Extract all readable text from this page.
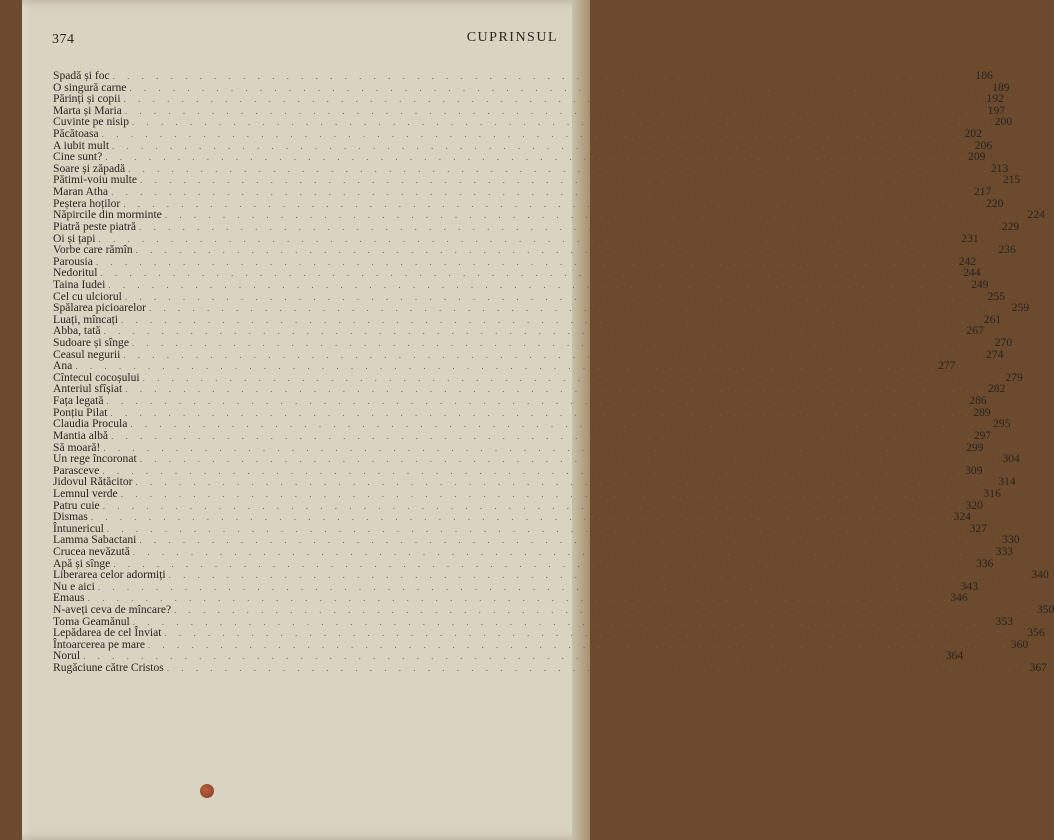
374	CUPRINSUL
Spadă și foc . . . . . . . . . . . . . . . . . . . . . . . . . . . . . . . . . . . . . . . . . . . . . . . . . . . . . . . . . . . . 186
O singură carne . . . . . . . . . . . . . . . . . . . . . . . . . . . . . . . . . . . . . . . . . . . . . . . . . . . . . . . . . . . . 189
Părinți și copii . . . . . . . . . . . . . . . . . . . . . . . . . . . . . . . . . . . . . . . . . . . . . . . . . . . . . . . . . . . . 192
Marta și Maria . . . . . . . . . . . . . . . . . . . . . . . . . . . . . . . . . . . . . . . . . . . . . . . . . . . . . . . . . . . . 197
Cuvinte pe nisip . . . . . . . . . . . . . . . . . . . . . . . . . . . . . . . . . . . . . . . . . . . . . . . . . . . . . . . . . . . . 200
Păcătoasa . . . . . . . . . . . . . . . . . . . . . . . . . . . . . . . . . . . . . . . . . . . . . . . . . . . . . . . . . . . . 202
A iubit mult . . . . . . . . . . . . . . . . . . . . . . . . . . . . . . . . . . . . . . . . . . . . . . . . . . . . . . . . . . . . 206
Cine sunt? . . . . . . . . . . . . . . . . . . . . . . . . . . . . . . . . . . . . . . . . . . . . . . . . . . . . . . . . . . . . 209
Soare și zăpadă . . . . . . . . . . . . . . . . . . . . . . . . . . . . . . . . . . . . . . . . . . . . . . . . . . . . . . . . . . . . 213
Pătimi-voiu multe . . . . . . . . . . . . . . . . . . . . . . . . . . . . . . . . . . . . . . . . . . . . . . . . . . . . . . . . . . . . 215
Maran Atha . . . . . . . . . . . . . . . . . . . . . . . . . . . . . . . . . . . . . . . . . . . . . . . . . . . . . . . . . . . . 217
Peștera hoților . . . . . . . . . . . . . . . . . . . . . . . . . . . . . . . . . . . . . . . . . . . . . . . . . . . . . . . . . . . . 220
Năpircile din morminte . . . . . . . . . . . . . . . . . . . . . . . . . . . . . . . . . . . . . . . . . . . . . . . . . . . . . . . . . . . . 224
Piatră peste piatră . . . . . . . . . . . . . . . . . . . . . . . . . . . . . . . . . . . . . . . . . . . . . . . . . . . . . . . . . . . . 229
Oi și țapi . . . . . . . . . . . . . . . . . . . . . . . . . . . . . . . . . . . . . . . . . . . . . . . . . . . . . . . . . . . . 231
Vorbe care rămîn . . . . . . . . . . . . . . . . . . . . . . . . . . . . . . . . . . . . . . . . . . . . . . . . . . . . . . . . . . . . 236
Parousia . . . . . . . . . . . . . . . . . . . . . . . . . . . . . . . . . . . . . . . . . . . . . . . . . . . . . . . . . . . . 242
Nedoritul . . . . . . . . . . . . . . . . . . . . . . . . . . . . . . . . . . . . . . . . . . . . . . . . . . . . . . . . . . . . 244
Taina Iudei . . . . . . . . . . . . . . . . . . . . . . . . . . . . . . . . . . . . . . . . . . . . . . . . . . . . . . . . . . . . 249
Cel cu ulciorul . . . . . . . . . . . . . . . . . . . . . . . . . . . . . . . . . . . . . . . . . . . . . . . . . . . . . . . . . . . . 255
Spălarea picioarelor . . . . . . . . . . . . . . . . . . . . . . . . . . . . . . . . . . . . . . . . . . . . . . . . . . . . . . . . . . . . 259
Luați, mîncați . . . . . . . . . . . . . . . . . . . . . . . . . . . . . . . . . . . . . . . . . . . . . . . . . . . . . . . . . . . . 261
Abba, tată . . . . . . . . . . . . . . . . . . . . . . . . . . . . . . . . . . . . . . . . . . . . . . . . . . . . . . . . . . . . 267
Sudoare și sînge . . . . . . . . . . . . . . . . . . . . . . . . . . . . . . . . . . . . . . . . . . . . . . . . . . . . . . . . . . . . 270
Ceasul negurii . . . . . . . . . . . . . . . . . . . . . . . . . . . . . . . . . . . . . . . . . . . . . . . . . . . . . . . . . . . . 274
Ana . . . . . . . . . . . . . . . . . . . . . . . . . . . . . . . . . . . . . . . . . . . . . . . . . . . . . . . . . . . . 277
Cîntecul cocoșului . . . . . . . . . . . . . . . . . . . . . . . . . . . . . . . . . . . . . . . . . . . . . . . . . . . . . . . . . . . . 279
Anteriul sfîșiat . . . . . . . . . . . . . . . . . . . . . . . . . . . . . . . . . . . . . . . . . . . . . . . . . . . . . . . . . . . . 282
Fața legată . . . . . . . . . . . . . . . . . . . . . . . . . . . . . . . . . . . . . . . . . . . . . . . . . . . . . . . . . . . . 286
Ponțiu Pilat . . . . . . . . . . . . . . . . . . . . . . . . . . . . . . . . . . . . . . . . . . . . . . . . . . . . . . . . . . . . 289
Claudia Procula . . . . . . . . . . . . . . . . . . . . . . . . . . . . . . . . . . . . . . . . . . . . . . . . . . . . . . . . . . . . 295
Mantia albă . . . . . . . . . . . . . . . . . . . . . . . . . . . . . . . . . . . . . . . . . . . . . . . . . . . . . . . . . . . . 297
Să moară! . . . . . . . . . . . . . . . . . . . . . . . . . . . . . . . . . . . . . . . . . . . . . . . . . . . . . . . . . . . . 299
Un rege încoronat . . . . . . . . . . . . . . . . . . . . . . . . . . . . . . . . . . . . . . . . . . . . . . . . . . . . . . . . . . . . 304
Parasceve . . . . . . . . . . . . . . . . . . . . . . . . . . . . . . . . . . . . . . . . . . . . . . . . . . . . . . . . . . . . 309
Jidovul Rătăcitor . . . . . . . . . . . . . . . . . . . . . . . . . . . . . . . . . . . . . . . . . . . . . . . . . . . . . . . . . . . . 314
Lemnul verde . . . . . . . . . . . . . . . . . . . . . . . . . . . . . . . . . . . . . . . . . . . . . . . . . . . . . . . . . . . . 316
Patru cuie . . . . . . . . . . . . . . . . . . . . . . . . . . . . . . . . . . . . . . . . . . . . . . . . . . . . . . . . . . . . 320
Dismas . . . . . . . . . . . . . . . . . . . . . . . . . . . . . . . . . . . . . . . . . . . . . . . . . . . . . . . . . . . . 324
Întunericul . . . . . . . . . . . . . . . . . . . . . . . . . . . . . . . . . . . . . . . . . . . . . . . . . . . . . . . . . . . . 327
Lamma Sabactani . . . . . . . . . . . . . . . . . . . . . . . . . . . . . . . . . . . . . . . . . . . . . . . . . . . . . . . . . . . . 330
Crucea nevăzută . . . . . . . . . . . . . . . . . . . . . . . . . . . . . . . . . . . . . . . . . . . . . . . . . . . . . . . . . . . . 333
Apă și sînge . . . . . . . . . . . . . . . . . . . . . . . . . . . . . . . . . . . . . . . . . . . . . . . . . . . . . . . . . . . . 336
Liberarea celor adormiți . . . . . . . . . . . . . . . . . . . . . . . . . . . . . . . . . . . . . . . . . . . . . . . . . . . . . . . . . . . . 340
Nu e aici . . . . . . . . . . . . . . . . . . . . . . . . . . . . . . . . . . . . . . . . . . . . . . . . . . . . . . . . . . . . 343
Emaus . . . . . . . . . . . . . . . . . . . . . . . . . . . . . . . . . . . . . . . . . . . . . . . . . . . . . . . . . . . . 346
N-aveți ceva de mîncare? . . . . . . . . . . . . . . . . . . . . . . . . . . . . . . . . . . . . . . . . . . . . . . . . . . . . . . . . . . . . 350
Toma Geamănul . . . . . . . . . . . . . . . . . . . . . . . . . . . . . . . . . . . . . . . . . . . . . . . . . . . . . . . . . . . . 353
Lepădarea de cel Înviat . . . . . . . . . . . . . . . . . . . . . . . . . . . . . . . . . . . . . . . . . . . . . . . . . . . . . . . . . . . . 356
Întoarcerea pe mare . . . . . . . . . . . . . . . . . . . . . . . . . . . . . . . . . . . . . . . . . . . . . . . . . . . . . . . . . . . . 360
Norul . . . . . . . . . . . . . . . . . . . . . . . . . . . . . . . . . . . . . . . . . . . . . . . . . . . . . . . . . . . . 364
Rugăciune către Cristos . . . . . . . . . . . . . . . . . . . . . . . . . . . . . . . . . . . . . . . . . . . . . . . . . . . . . . . . . . . . 367
